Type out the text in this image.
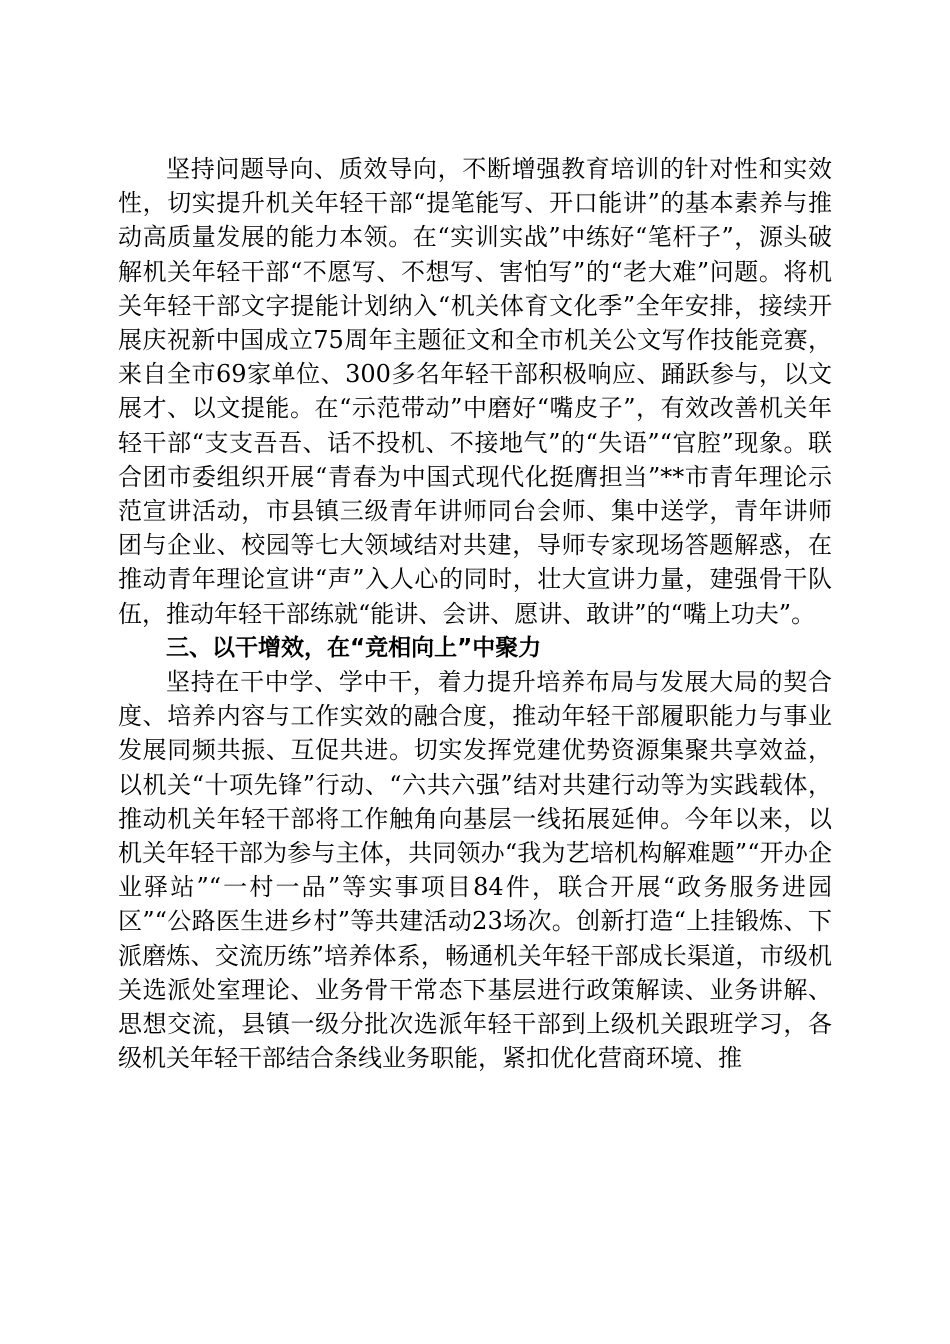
坚持问题导向、质效导向，不断增强教育培训的针对性和实效性，切实提升机关年轻干部“提笔能写、开口能讲”的基本素养与推动高质量发展的能力本领。在“实训实战”中练好“笔杆子”，源头破解机关年轻干部“不愿写、不想写、害怕写”的“老大难”问题。将机关年轻干部文字提能计划纳入“机关体育文化季”全年安排，接续开展庆祝新中国成立75周年主题征文和全市机关公文写作技能竞赛，来自全市69家单位、300多名年轻干部积极响应、踊跃参与，以文展才、以文提能。在“示范带动”中磨好“嘴皮子”，有效改善机关年轻干部“支支吾吾、话不投机、不接地气”的“失语”“官腔”现象。联合团市委组织开展“青春为中国式现代化挺膺担当”**市青年理论示范宣讲活动，市县镇三级青年讲师同台会师、集中送学，青年讲师团与企业、校园等七大领域结对共建，导师专家现场答题解惑，在推动青年理论宣讲“声”入人心的同时，壮大宣讲力量，建强骨干队伍，推动年轻干部练就“能讲、会讲、愿讲、敢讲”的“嘴上功夫”。

三、以干增效，在“竞相向上”中聚力

坚持在干中学、学中干，着力提升培养布局与发展大局的契合度、培养内容与工作实效的融合度，推动年轻干部履职能力与事业发展同频共振、互促共进。切实发挥党建优势资源集聚共享效益，以机关“十项先锋”行动、“六共六强”结对共建行动等为实践载体，推动机关年轻干部将工作触角向基层一线拓展延伸。今年以来，以机关年轻干部为参与主体，共同领办“我为艺培机构解难题”“开办企业驿站”“一村一品”等实事项目84件，联合开展“政务服务进园区”“公路医生进乡村”等共建活动23场次。创新打造“上挂锻炼、下派磨炼、交流历练”培养体系，畅通机关年轻干部成长渠道，市级机关选派处室理论、业务骨干常态下基层进行政策解读、业务讲解、思想交流，县镇一级分批次选派年轻干部到上级机关跟班学习，各级机关年轻干部结合条线业务职能，紧扣优化营商环境、推
